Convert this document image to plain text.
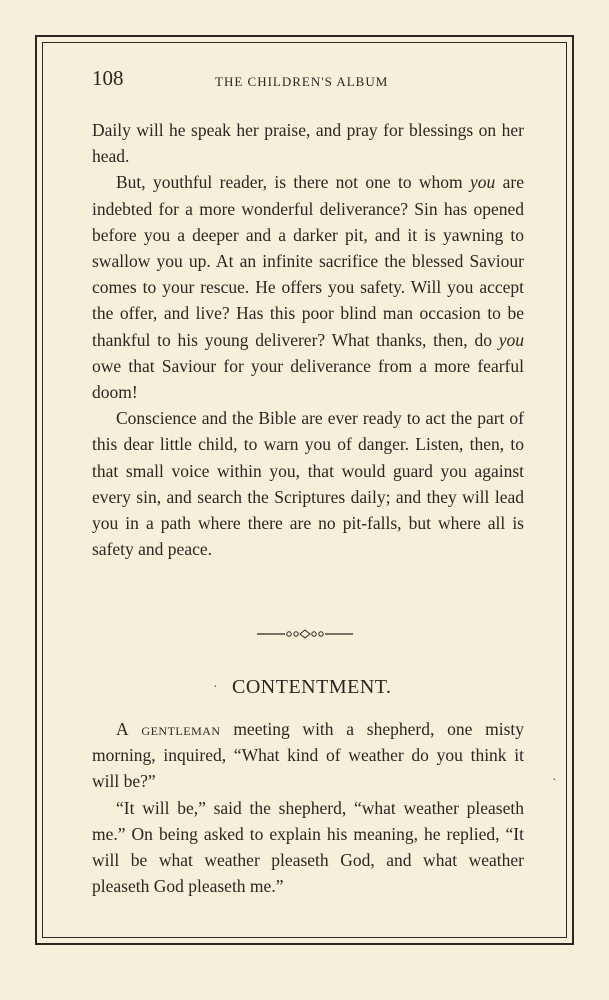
108	THE CHILDREN'S ALBUM

Daily will he speak her praise, and pray for blessings on her head.

But, youthful reader, is there not one to whom you are indebted for a more wonderful deliverance? Sin has opened before you a deeper and a darker pit, and it is yawning to swallow you up. At an infinite sacrifice the blessed Saviour comes to your rescue. He offers you safety. Will you accept the offer, and live? Has this poor blind man occasion to be thankful to his young deliverer? What thanks, then, do you owe that Saviour for your deliverance from a more fearful doom!

Conscience and the Bible are ever ready to act the part of this dear little child, to warn you of danger. Listen, then, to that small voice within you, that would guard you against every sin, and search the Scriptures daily; and they will lead you in a path where there are no pit-falls, but where all is safety and peace.

CONTENTMENT.

A gentleman meeting with a shepherd, one misty morning, inquired, “What kind of weather do you think it will be?”

“It will be,” said the shepherd, “what weather pleaseth me.” On being asked to explain his meaning, he replied, “It will be what weather pleaseth God, and what weather pleaseth God pleaseth me.”

·
·
